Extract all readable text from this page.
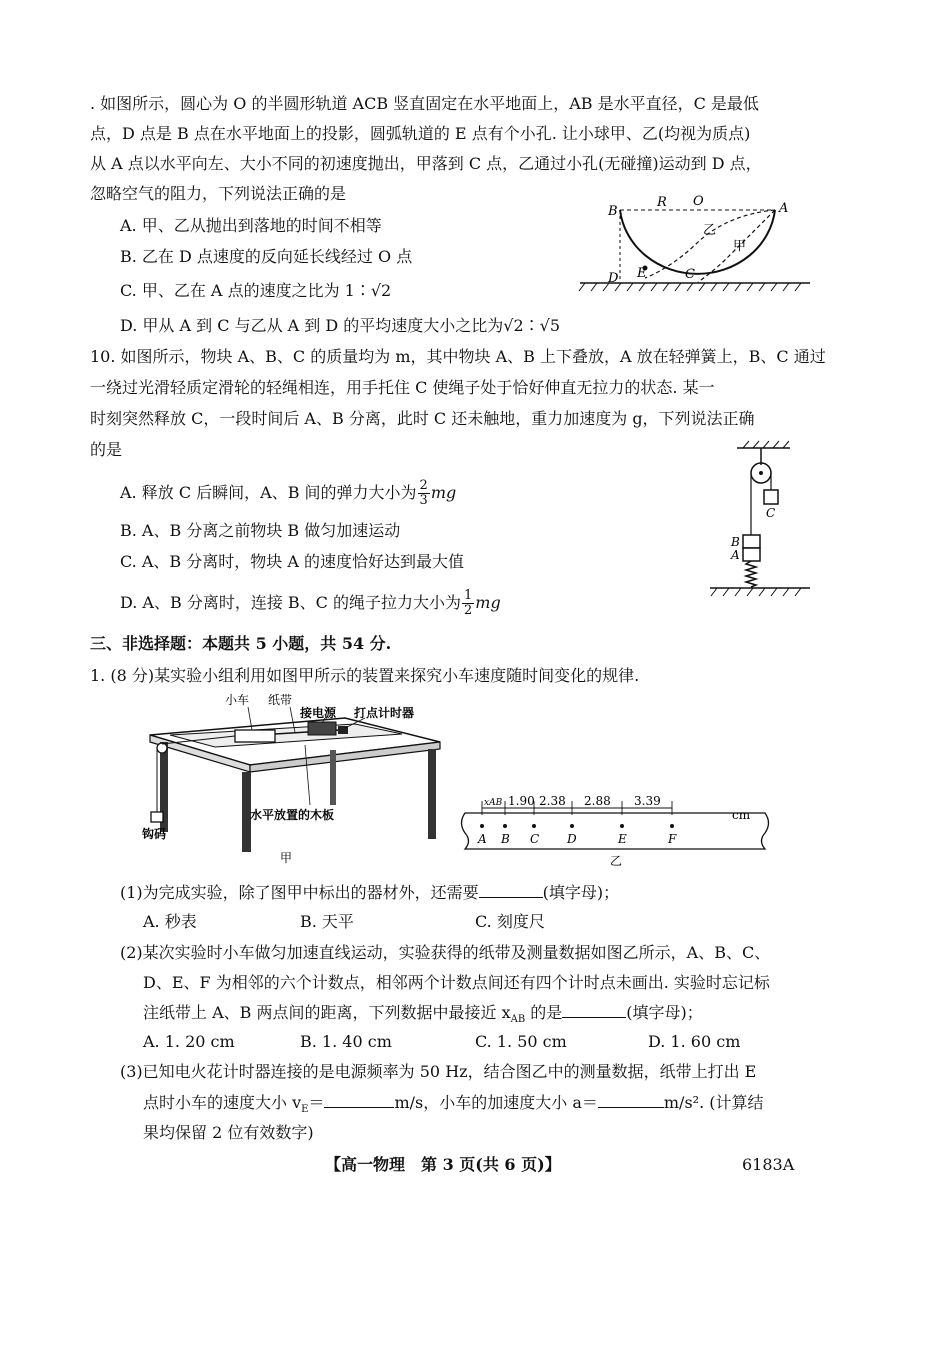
. 如图所示，圆心为 O 的半圆形轨道 ACB 竖直固定在水平地面上，AB 是水平直径，C 是最低
点，D 点是 B 点在水平地面上的投影，圆弧轨道的 E 点有个小孔. 让小球甲、乙(均视为质点)
从 A 点以水平向左、大小不同的初速度抛出，甲落到 C 点，乙通过小孔(无碰撞)运动到 D 点，
忽略空气的阻力，下列说法正确的是
A. 甲、乙从抛出到落地的时间不相等
B. 乙在 D 点速度的反向延长线经过 O 点
C. 甲、乙在 A 点的速度之比为 1∶√2
D. 甲从 A 到 C 与乙从 A 到 D 的平均速度大小之比为√2∶√5
B
R O	A
乙
甲
D E	C
10. 如图所示，物块 A、B、C 的质量均为 m，其中物块 A、B 上下叠放，A 放在轻弹簧上，B、C 通过
一绕过光滑轻质定滑轮的轻绳相连，用手托住 C 使绳子处于恰好伸直无拉力的状态. 某一
时刻突然释放 C，一段时间后 A、B 分离，此时 C 还未触地，重力加速度为 g，下列说法正确
的是
A. 释放 C 后瞬间，A、B 间的弹力大小为 $\frac{2}{3}$ mg
B. A、B 分离之前物块 B 做匀加速运动
C. A、B 分离时，物块 A 的速度恰好达到最大值
D. A、B 分离时，连接 B、C 的绳子拉力大小为 $\frac{1}{2}$ mg
C
B
A
三、非选择题：本题共 5 小题，共 54 分.
1. (8 分)某实验小组利用如图甲所示的装置来探究小车速度随时间变化的规律.
小车 纸带
接电源 打点计时器
水平放置的木板
钩码
甲
xAB 1.90 2.38 2.88 3.39
cm
A B C D	E	F
乙
(1)为完成实验，除了图甲中标出的器材外，还需要	(填字母)；
A. 秒表	B. 天平	C. 刻度尺
(2)某次实验时小车做匀加速直线运动，实验获得的纸带及测量数据如图乙所示，A、B、C、
D、E、F 为相邻的六个计数点，相邻两个计数点间还有四个计时点未画出. 实验时忘记标
注纸带上 A、B 两点间的距离，下列数据中最接近 $x_{AB}$ 的是	(填字母)；
A. 1. 20 cm	B. 1. 40 cm	C. 1. 50 cm	D. 1. 60 cm
(3)已知电火花计时器连接的是电源频率为 50 Hz，结合图乙中的测量数据，纸带上打出 E
点时小车的速度大小 $v_E=$	m/s，小车的加速度大小 a＝	m/s². (计算结
果均保留 2 位有效数字)
【高一物理　第 3 页(共 6 页)】	6183A
